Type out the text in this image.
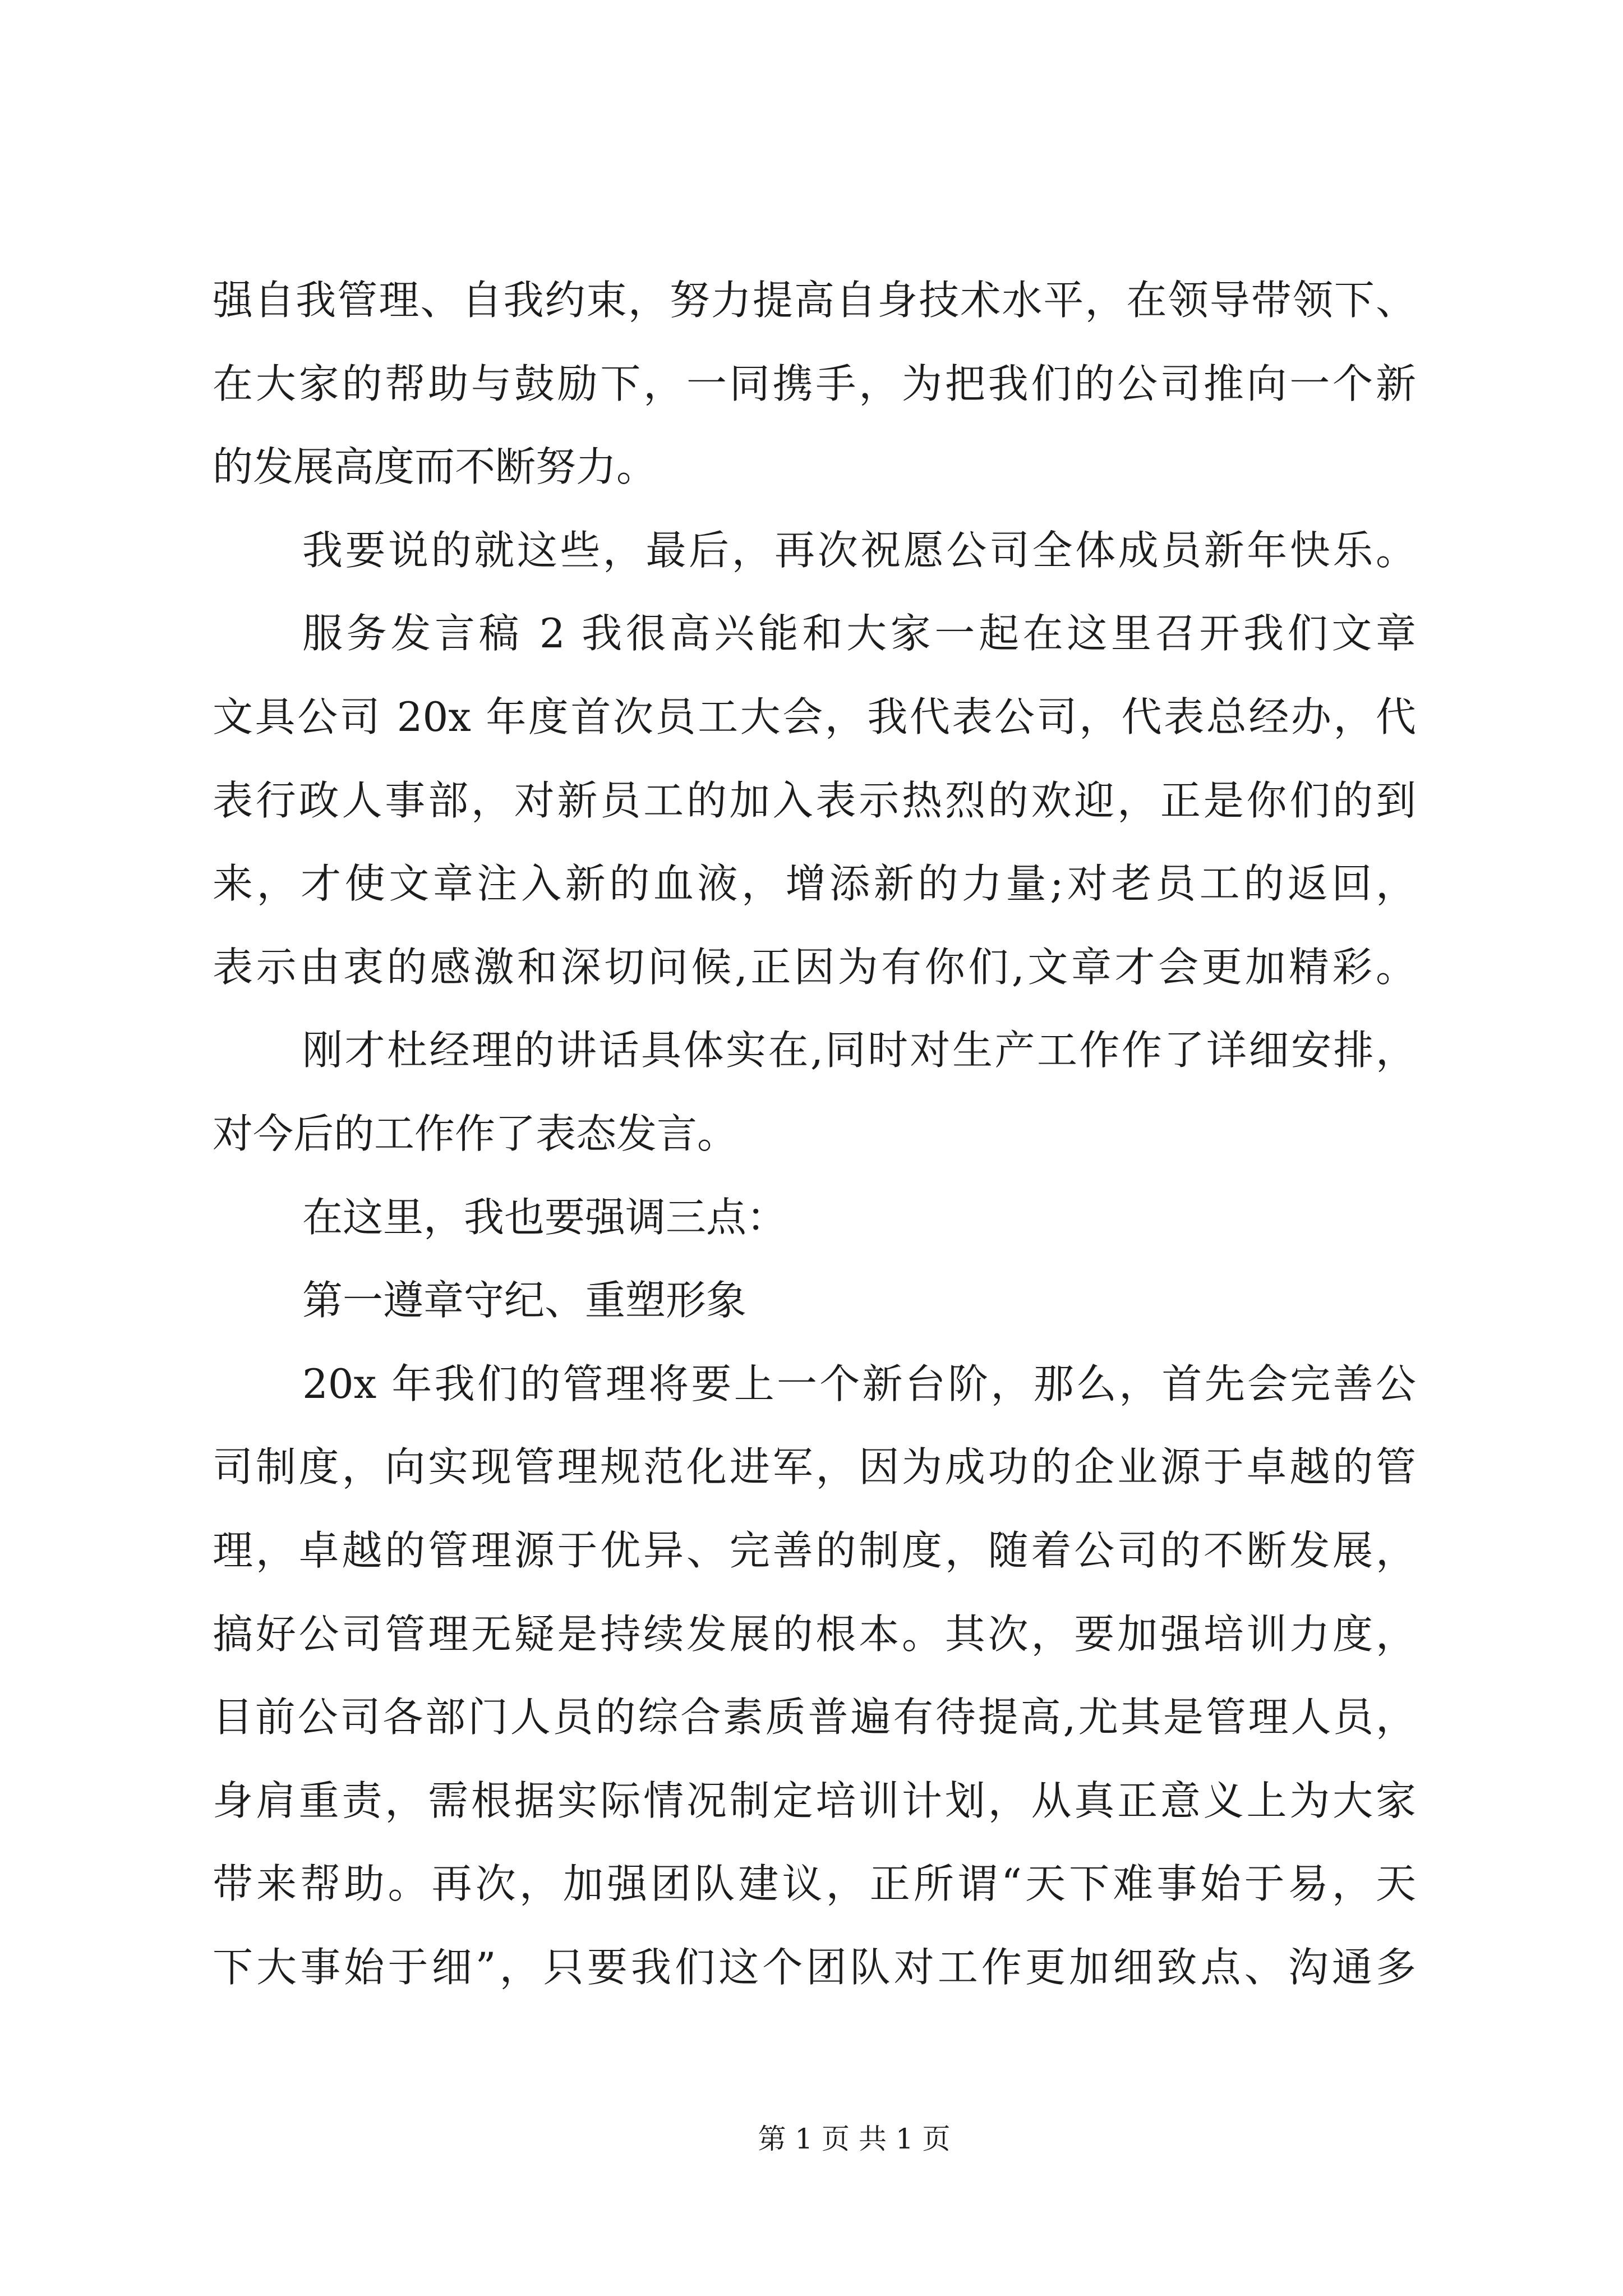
强自我管理、自我约束，努力提高自身技术水平，在领导带领下、
在大家的帮助与鼓励下，一同携手，为把我们的公司推向一个新
的发展高度而不断努力。
我要说的就这些，最后，再次祝愿公司全体成员新年快乐。
服务发言稿 2 我很高兴能和大家一起在这里召开我们文章
文具公司 20x 年度首次员工大会，我代表公司，代表总经办，代
表行政人事部，对新员工的加入表示热烈的欢迎，正是你们的到
来，才使文章注入新的血液，增添新的力量;对老员工的返回，
表示由衷的感激和深切问候,正因为有你们,文章才会更加精彩。
刚才杜经理的讲话具体实在,同时对生产工作作了详细安排，
对今后的工作作了表态发言。
在这里，我也要强调三点：
第一遵章守纪、重塑形象
20x 年我们的管理将要上一个新台阶，那么，首先会完善公
司制度，向实现管理规范化进军，因为成功的企业源于卓越的管
理，卓越的管理源于优异、完善的制度，随着公司的不断发展，
搞好公司管理无疑是持续发展的根本。其次，要加强培训力度，
目前公司各部门人员的综合素质普遍有待提高,尤其是管理人员，
身肩重责，需根据实际情况制定培训计划，从真正意义上为大家
带来帮助。再次，加强团队建议，正所谓“天下难事始于易，天
下大事始于细”，只要我们这个团队对工作更加细致点、沟通多
第 1 页 共 1 页
